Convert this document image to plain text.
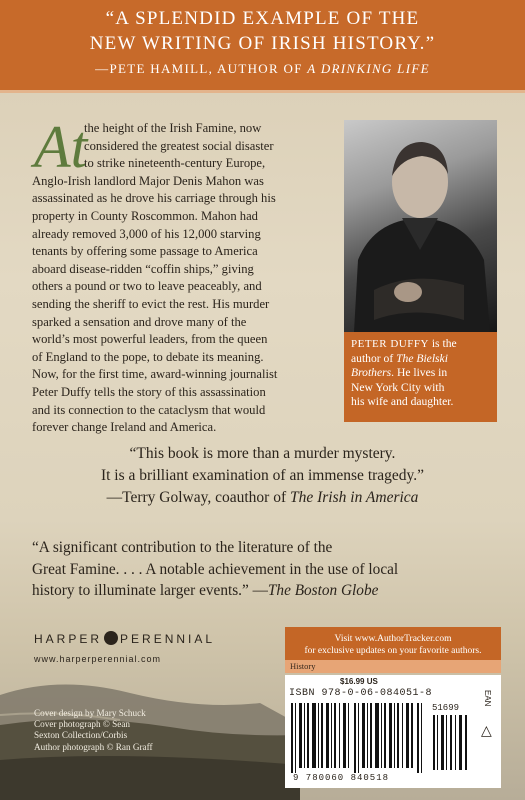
“A SPLENDID EXAMPLE OF THE
NEW WRITING OF IRISH HISTORY.”
—PETE HAMILL, AUTHOR OF A DRINKING LIFE
At
the height of the Irish Famine, now
considered the greatest social disaster
to strike nineteenth-century Europe,
Anglo-Irish landlord Major Denis Mahon was
assassinated as he drove his carriage through his
property in County Roscommon. Mahon had
already removed 3,000 of his 12,000 starving
tenants by offering some passage to America
aboard disease-ridden “coffin ships,” giving
others a pound or two to leave peaceably, and
sending the sheriff to evict the rest. His murder
sparked a sensation and drove many of the
world’s most powerful leaders, from the queen
of England to the pope, to debate its meaning.
Now, for the first time, award-winning journalist
Peter Duffy tells the story of this assassination
and its connection to the cataclysm that would
forever change Ireland and America.
PETER DUFFY is the
author of The Bielski
Brothers. He lives in
New York City with
his wife and daughter.
“This book is more than a murder mystery.
It is a brilliant examination of an immense tragedy.”
—Terry Golway, coauthor of The Irish in America
“A significant contribution to the literature of the
Great Famine. . . . A notable achievement in the use of local
history to illuminate larger events.” —The Boston Globe
HARPER PERENNIAL
www.harperperennial.com
Visit www.AuthorTracker.com
for exclusive updates on your favorite authors.
History
$16.99 US
ISBN 978-0-06-084051-8
51699
EAN
△
9 780060 840518
Cover design by Mary Schuck
Cover photograph © Sean
Sexton Collection/Corbis
Author photograph © Ran Graff
